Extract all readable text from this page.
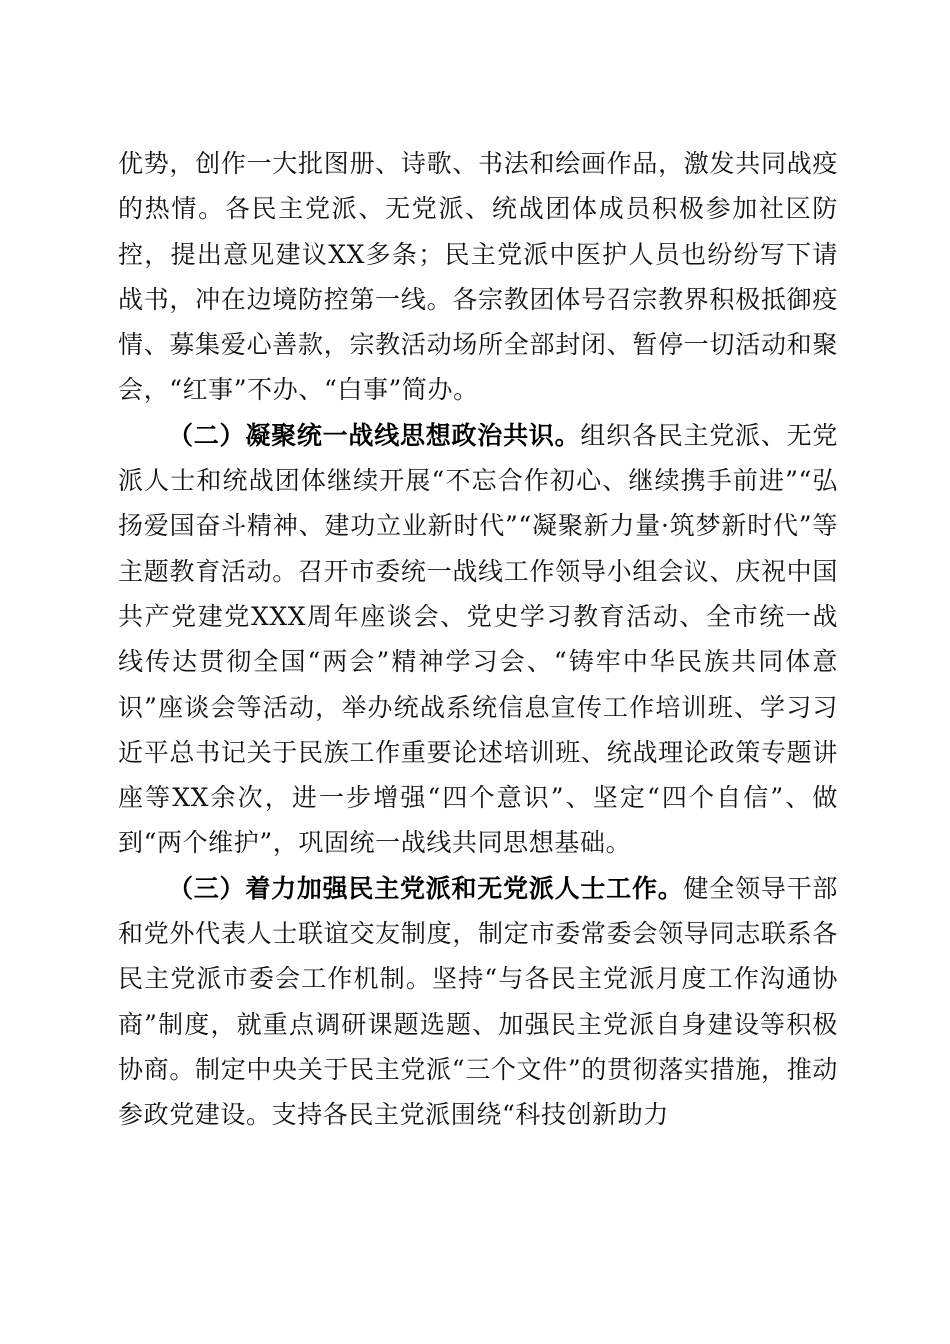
优势，创作一大批图册、诗歌、书法和绘画作品，激发共同战疫的热情。各民主党派、无党派、统战团体成员积极参加社区防控，提出意见建议XX多条；民主党派中医护人员也纷纷写下请战书，冲在边境防控第一线。各宗教团体号召宗教界积极抵御疫情、募集爱心善款，宗教活动场所全部封闭、暂停一切活动和聚会，“红事”不办、“白事”简办。

（二）凝聚统一战线思想政治共识。组织各民主党派、无党派人士和统战团体继续开展“不忘合作初心、继续携手前进”“弘扬爱国奋斗精神、建功立业新时代”“凝聚新力量·筑梦新时代”等主题教育活动。召开市委统一战线工作领导小组会议、庆祝中国共产党建党XXX周年座谈会、党史学习教育活动、全市统一战线传达贯彻全国“两会”精神学习会、“铸牢中华民族共同体意识”座谈会等活动，举办统战系统信息宣传工作培训班、学习习近平总书记关于民族工作重要论述培训班、统战理论政策专题讲座等XX余次，进一步增强“四个意识”、坚定“四个自信”、做到“两个维护”，巩固统一战线共同思想基础。

（三）着力加强民主党派和无党派人士工作。健全领导干部和党外代表人士联谊交友制度，制定市委常委会领导同志联系各民主党派市委会工作机制。坚持“与各民主党派月度工作沟通协商”制度，就重点调研课题选题、加强民主党派自身建设等积极协商。制定中央关于民主党派“三个文件”的贯彻落实措施，推动参政党建设。支持各民主党派围绕“科技创新助力
